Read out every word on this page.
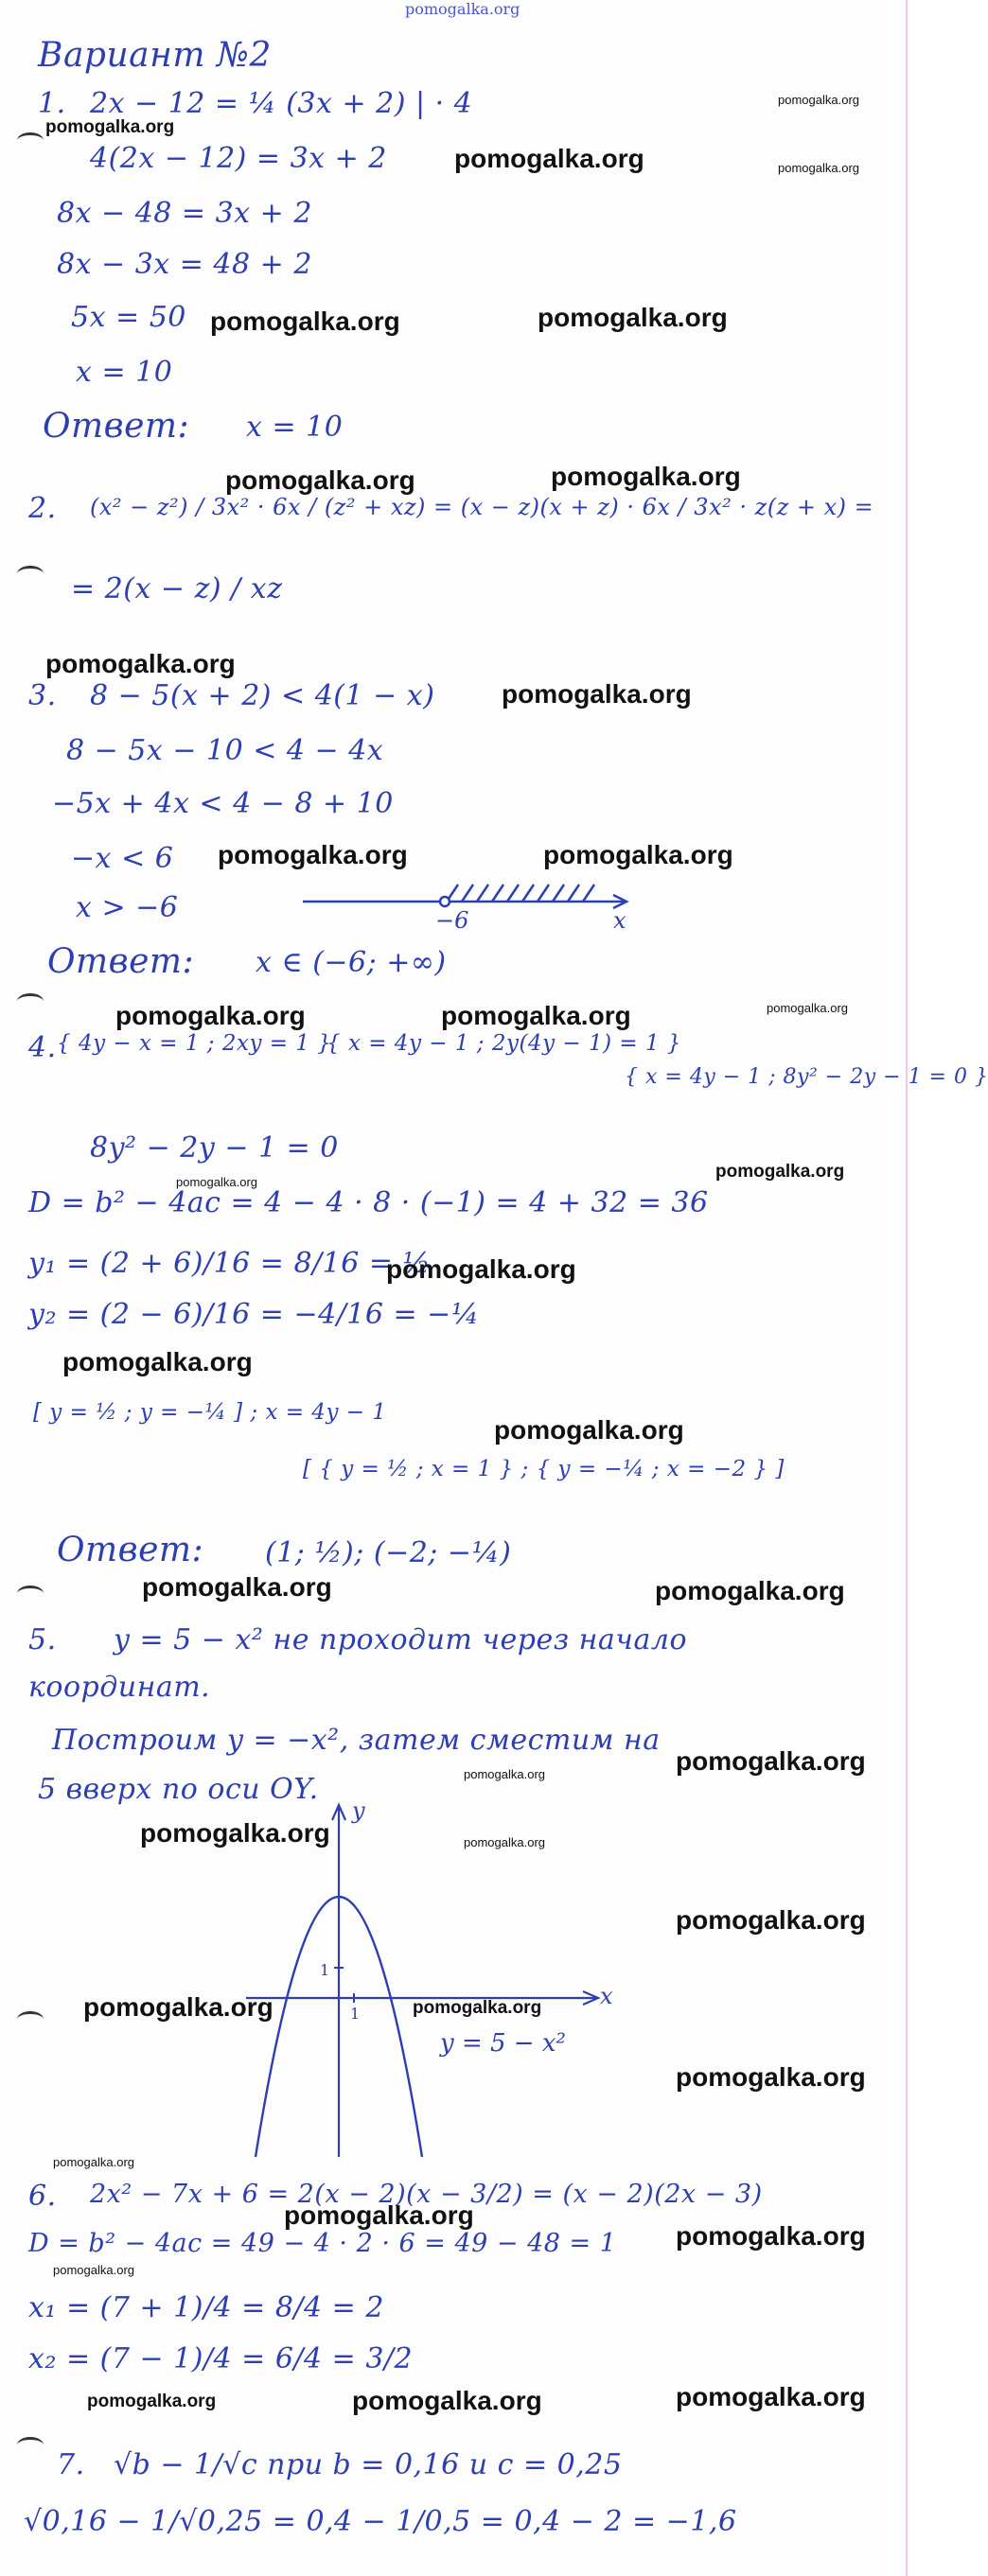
pomogalka.org
Вариант №2
1. 2x − 12 = ¼ (3x + 2) | · 4
4(2x − 12) = 3x + 2
8x − 48 = 3x + 2
8x − 3x = 48 + 2
5x = 50
x = 10
Ответ: x = 10
2. (x² − z²) / 3x² · 6x / (z² + xz) = (x − z)(x + z) · 6x / 3x² · z(z + x) =
= 2(x − z) / xz
3. 8 − 5(x + 2) < 4(1 − x)
8 − 5x − 10 < 4 − 4x
−5x + 4x < 4 − 8 + 10
−x < 6
x > −6	−6	x
Ответ: x ∈ (−6; +∞)
4. { 4y − x = 1 ; 2xy = 1 }
{ x = 4y − 1 ; 2y(4y − 1) = 1 }
{ x = 4y − 1 ; 8y² − 2y − 1 = 0 }
8y² − 2y − 1 = 0
D = b² − 4ac = 4 − 4 · 8 · (−1) = 4 + 32 = 36
y₁ = (2 + 6)/16 = 8/16 = ½
y₂ = (2 − 6)/16 = −4/16 = −¼
[ y = ½ ; y = −¼ ] ; x = 4y − 1
[ { y = ½ ; x = 1 } ; { y = −¼ ; x = −2 } ]
Ответ: (1; ½); (−2; −¼)
5. y = 5 − x² не проходит через начало
координат.
Построим y = −x², затем сместим на
5 вверх по оси OY.
y
x
1
1
y = 5 − x²
6. 2x² − 7x + 6 = 2(x − 2)(x − 3/2) = (x − 2)(2x − 3)
D = b² − 4ac = 49 − 4 · 2 · 6 = 49 − 48 = 1
x₁ = (7 + 1)/4 = 8/4 = 2
x₂ = (7 − 1)/4 = 6/4 = 3/2
7. √b − 1/√c при b = 0,16 и c = 0,25
√0,16 − 1/√0,25 = 0,4 − 1/0,5 = 0,4 − 2 = −1,6
pomogalka.org
pomogalka.org
pomogalka.org	pomogalka.org
pomogalka.org	pomogalka.org
pomogalka.org	pomogalka.org
pomogalka.org
pomogalka.org
pomogalka.org	pomogalka.org
pomogalka.org	pomogalka.org	pomogalka.org
pomogalka.org
pomogalka.org
pomogalka.org
pomogalka.org
pomogalka.org
pomogalka.org	pomogalka.org
pomogalka.org
pomogalka.org
pomogalka.org	pomogalka.org
pomogalka.org
pomogalka.org	pomogalka.org
pomogalka.org
pomogalka.org
pomogalka.org
pomogalka.org
pomogalka.org
pomogalka.org	pomogalka.org	pomogalka.org
